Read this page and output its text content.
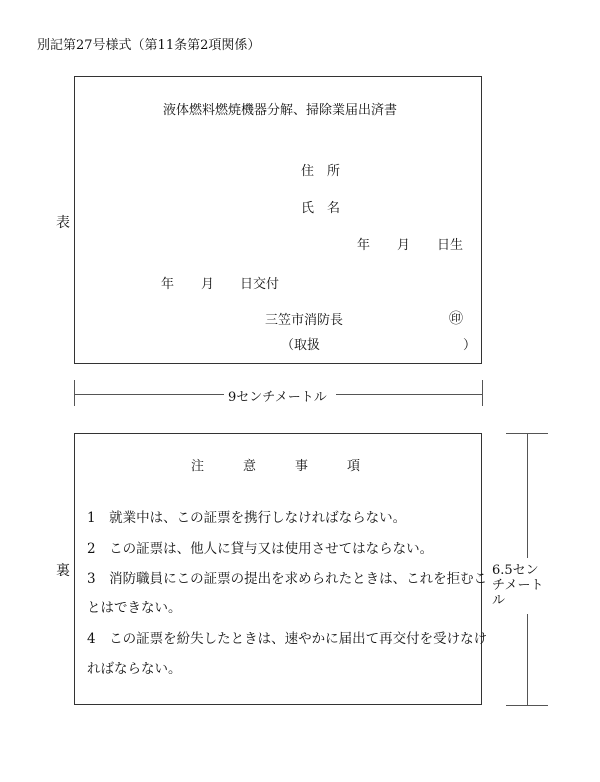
別記第27号様式（第11条第2項関係）
表
液体燃料燃焼機器分解、掃除業届出済書
住　所
氏　名
年 月 日生
年 月 日交付
三笠市消防長	㊞
（取扱　　　　　　　　　　　）
9センチメートル
裏
注　　　意　　　事　　　項
1　 就業中は、この証票を携行しなければならない。
2　 この証票は、他人に貸与又は使用させてはならない。
3　 消防職員にこの証票の提出を求められたときは、これを拒むこ
とはできない。
4　 この証票を紛失したときは、速やかに届出て再交付を受けなけ
ればならない。
6.5セン
チメート
ル
